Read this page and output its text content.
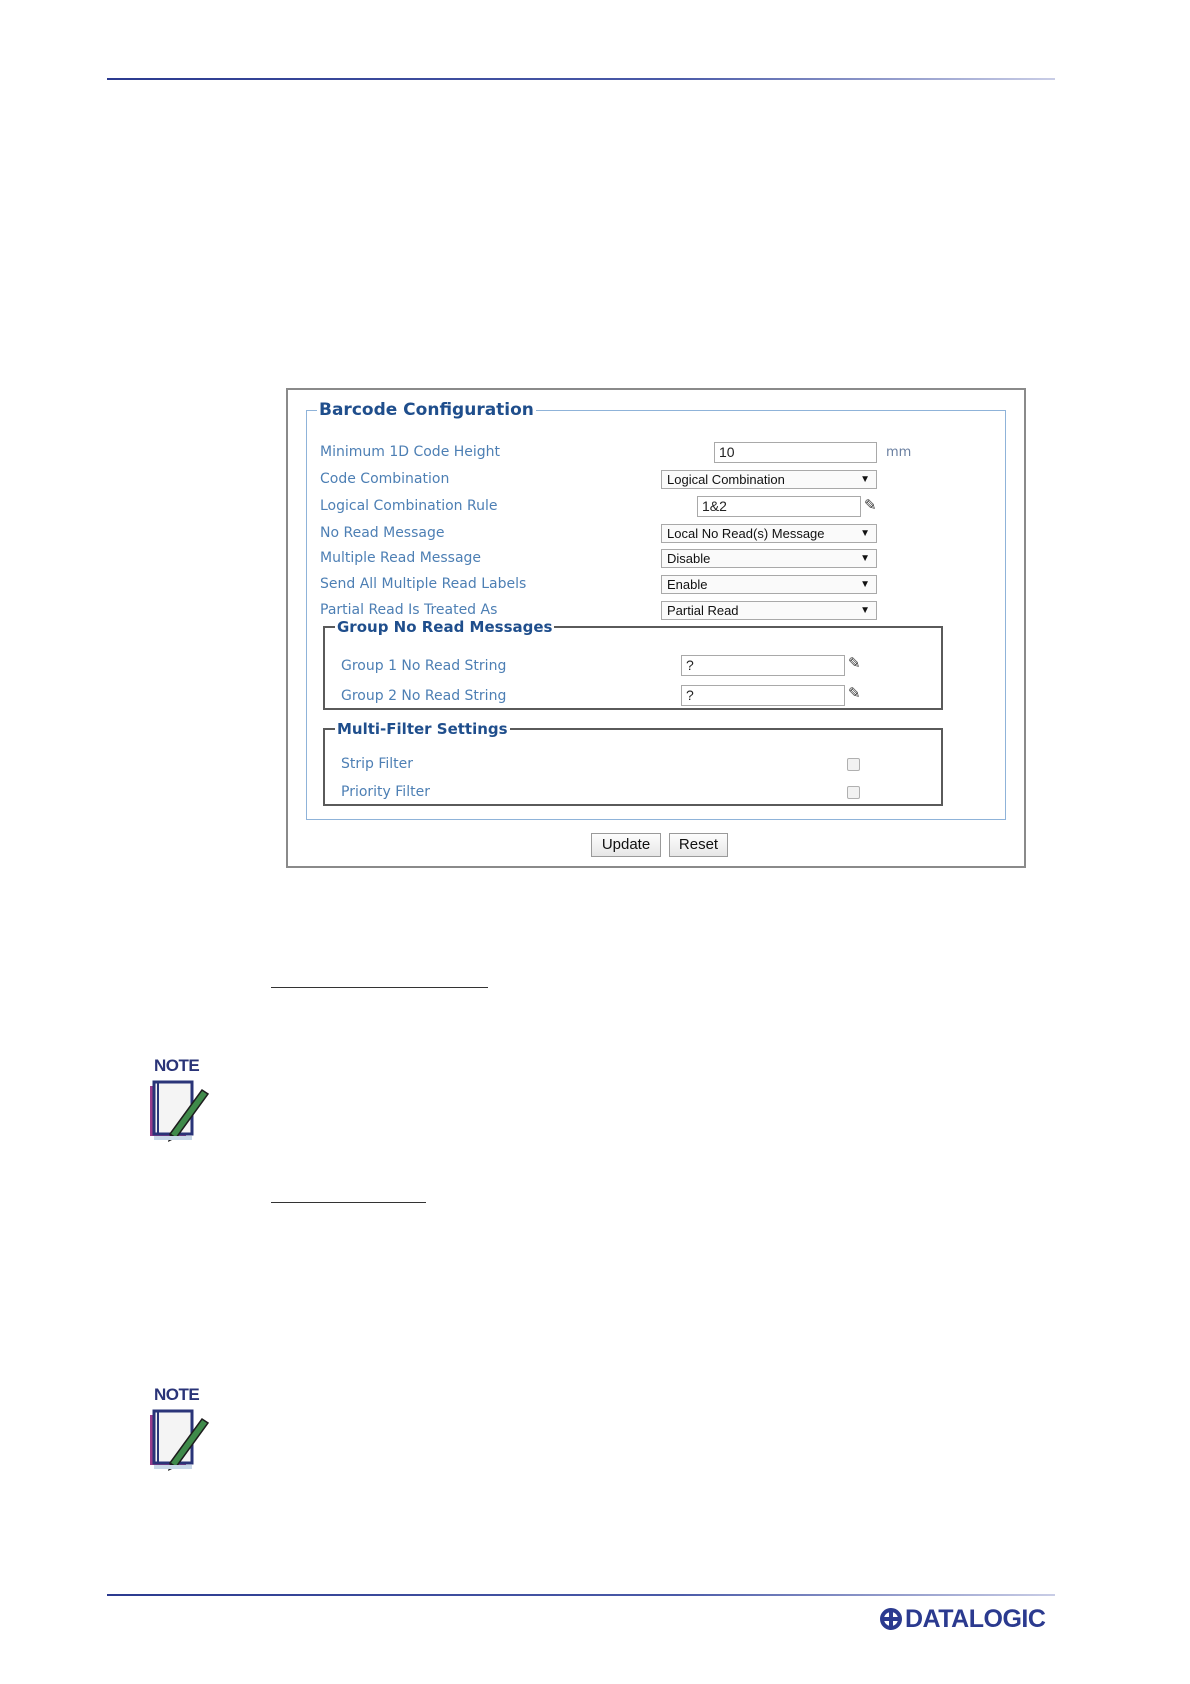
Barcode Configuration
Minimum 1D Code Height	10	mm
Code Combination	Logical Combination	▼
Logical Combination Rule	1&2	✎
No Read Message	Local No Read(s) Message	▼
Multiple Read Message	Disable	▼
Send All Multiple Read Labels	Enable	▼
Partial Read Is Treated As	Partial Read	▼
Group No Read Messages
Group 1 No Read String	?	✎
Group 2 No Read String	?	✎
Multi-Filter Settings
Strip Filter
Priority Filter
Update	Reset
NOTE
NOTE
DATALOGIC
